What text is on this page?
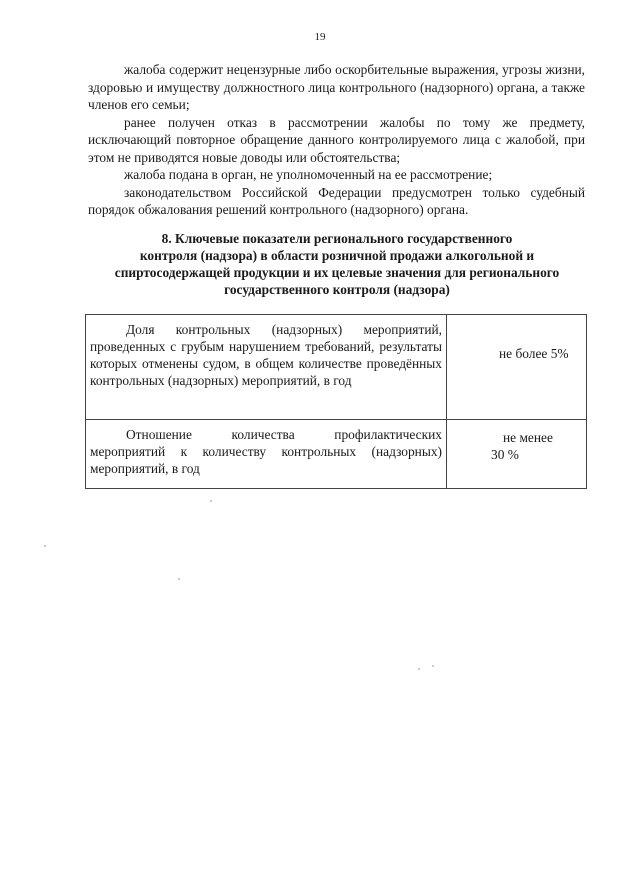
19

жалоба содержит нецензурные либо оскорбительные выражения, угрозы жизни, здоровью и имуществу должностного лица контрольного (надзорного) органа, а также членов его семьи;

ранее получен отказ в рассмотрении жалобы по тому же предмету, исключающий повторное обращение данного контролируемого лица с жалобой, при этом не приводятся новые доводы или обстоятельства;

жалоба подана в орган, не уполномоченный на ее рассмотрение;

законодательством Российской Федерации предусмотрен только судебный порядок обжалования решений контрольного (надзорного) органа.

8. Ключевые показатели регионального государственного

контроля (надзора) в области розничной продажи алкогольной и

спиртосодержащей продукции и их целевые значения для регионального

государственного контроля (надзора)

Доля контрольных (надзорных) мероприятий, проведенных с грубым нарушением требований, результаты которых отменены судом, в общем количестве проведённых контрольных (надзорных) мероприятий, в год	не более 5%

Отношение количества профилактических мероприятий к количеству контрольных (надзорных) мероприятий, в год	не менее
30 %
